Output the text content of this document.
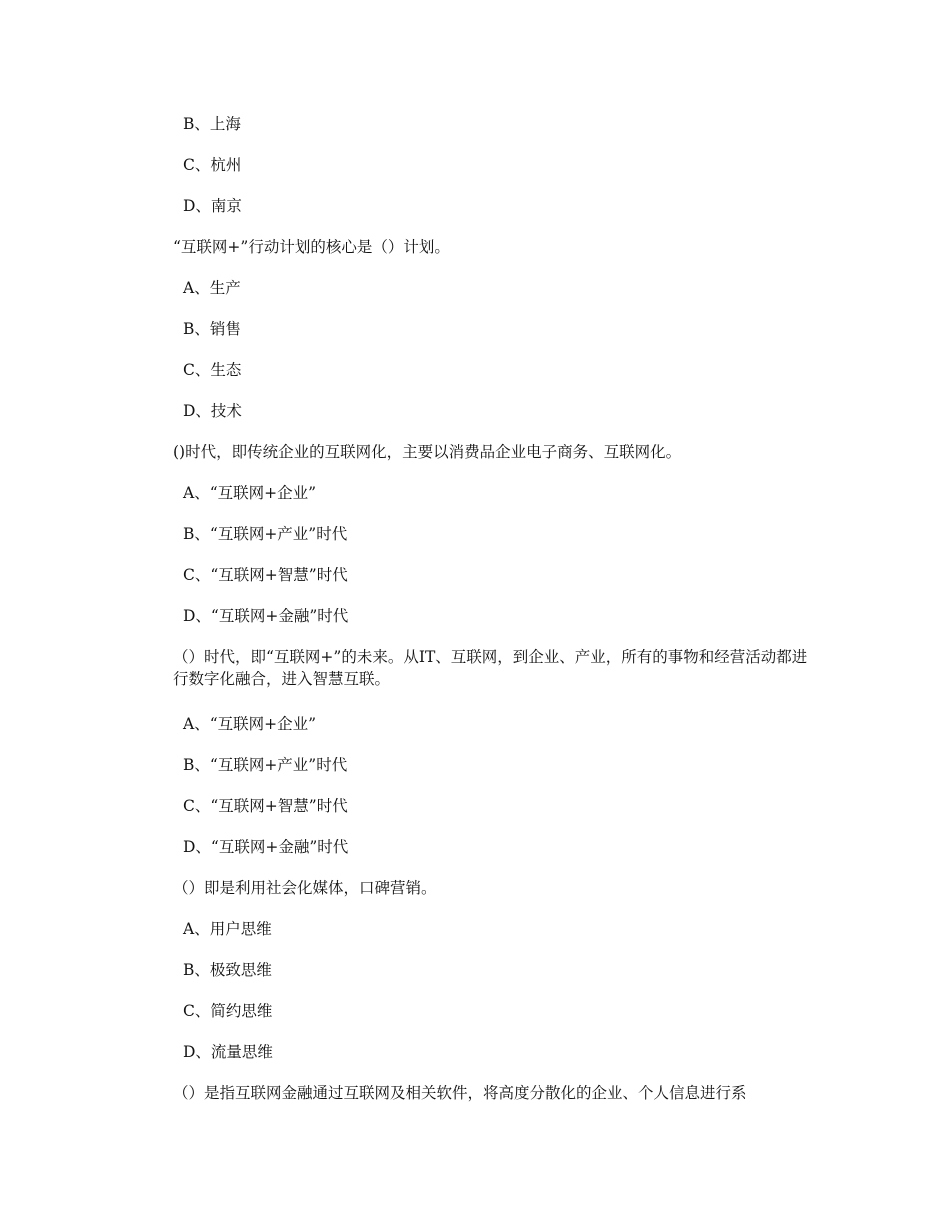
B、上海
C、杭州
D、南京
“互联网+”行动计划的核心是（）计划。
A、生产
B、销售
C、生态
D、技术
()时代，即传统企业的互联网化，主要以消费品企业电子商务、互联网化。
A、“互联网+企业”
B、“互联网+产业”时代
C、“互联网+智慧”时代
D、“互联网+金融”时代
（）时代，即“互联网+”的未来。从IT、互联网，到企业、产业，所有的事物和经营活动都进行数字化融合，进入智慧互联。
A、“互联网+企业”
B、“互联网+产业”时代
C、“互联网+智慧”时代
D、“互联网+金融”时代
（）即是利用社会化媒体，口碑营销。
A、用户思维
B、极致思维
C、简约思维
D、流量思维
（）是指互联网金融通过互联网及相关软件，将高度分散化的企业、个人信息进行系
